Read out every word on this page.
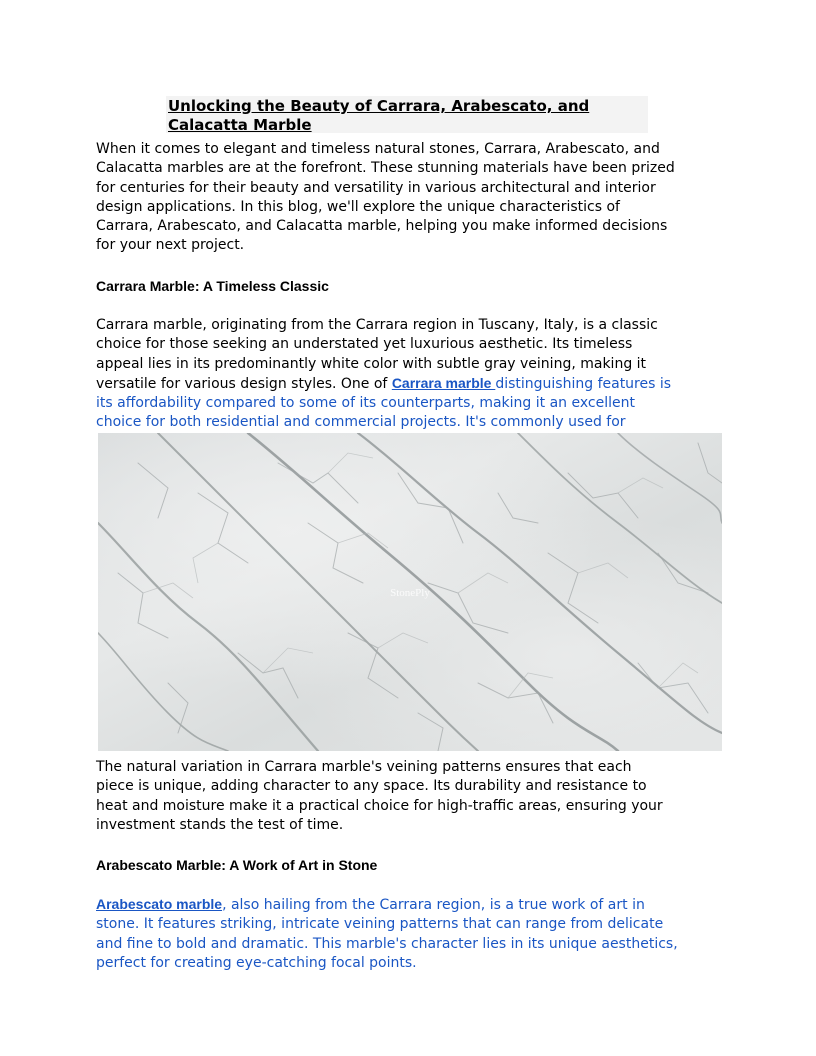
Unlocking the Beauty of Carrara, Arabescato, and Calacatta Marble

When it comes to elegant and timeless natural stones, Carrara, Arabescato, and
Calacatta marbles are at the forefront. These stunning materials have been prized
for centuries for their beauty and versatility in various architectural and interior
design applications. In this blog, we'll explore the unique characteristics of
Carrara, Arabescato, and Calacatta marble, helping you make informed decisions
for your next project.

Carrara Marble: A Timeless Classic

Carrara marble, originating from the Carrara region in Tuscany, Italy, is a classic
choice for those seeking an understated yet luxurious aesthetic. Its timeless
appeal lies in its predominantly white color with subtle gray veining, making it
versatile for various design styles. One of Carrara marble distinguishing features is
its affordability compared to some of its counterparts, making it an excellent
choice for both residential and commercial projects. It's commonly used for

StonePly

The natural variation in Carrara marble's veining patterns ensures that each
piece is unique, adding character to any space. Its durability and resistance to
heat and moisture make it a practical choice for high-traffic areas, ensuring your
investment stands the test of time.

Arabescato Marble: A Work of Art in Stone

Arabescato marble, also hailing from the Carrara region, is a true work of art in
stone. It features striking, intricate veining patterns that can range from delicate
and fine to bold and dramatic. This marble's character lies in its unique aesthetics,
perfect for creating eye-catching focal points.
